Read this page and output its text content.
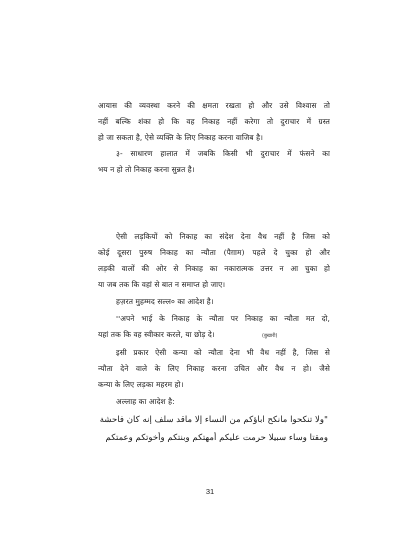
आयास की व्यवस्था करने की क्षमता रखता हो और उसे विश्वास तो
नहीं बल्कि शंका हो कि वह निकाह नहीं करेगा तो दुराचार में ग्रस्त
हो जा सकता है, ऐसे व्यक्ति के लिए निकाह करना वाजिब है।
३- साधारण हालात में जबकि किसी भी दुराचार में फंसने का
भय न हो तो निकाह करना सुन्नत है।
ऐसी लड़कियों को निकाह का संदेश देना वैध नहीं है जिस को
कोई दूसरा पुरुष निकाह का न्यौता (पैग़ाम) पहले दे चुका हो और
लड़की वालों की ओर से निकाह का नकारात्मक उत्तर न आ चुका हो
या जब तक कि वहां से बात न समाप्त हो जाए।
हज़रत मुहम्मद सल्ल० का आदेश है।
''अपने भाई के निकाह के न्यौता पर निकाह का न्यौता मत दो,
यहां तक कि वह स्वीकार करले, या छोड़ दे।	(बुखारी)
इसी प्रकार ऐसी कन्या को न्यौता देना भी वैध नहीं है, जिस से
न्यौता देने वाले के लिए निकाह करना उचित और वैध न हो। जैसे
कन्या के लिए लड़का महरम हो।
अल्लाह का आदेश है:
"ولا تنكحوا مانكح اباؤكم من النساء إلا ماقد سلف إنه كان فاحشة
ومقتا وساء سبيلا حرمت عليكم أمهتكم وبنتكم وأخوتكم وعمتكم
31
